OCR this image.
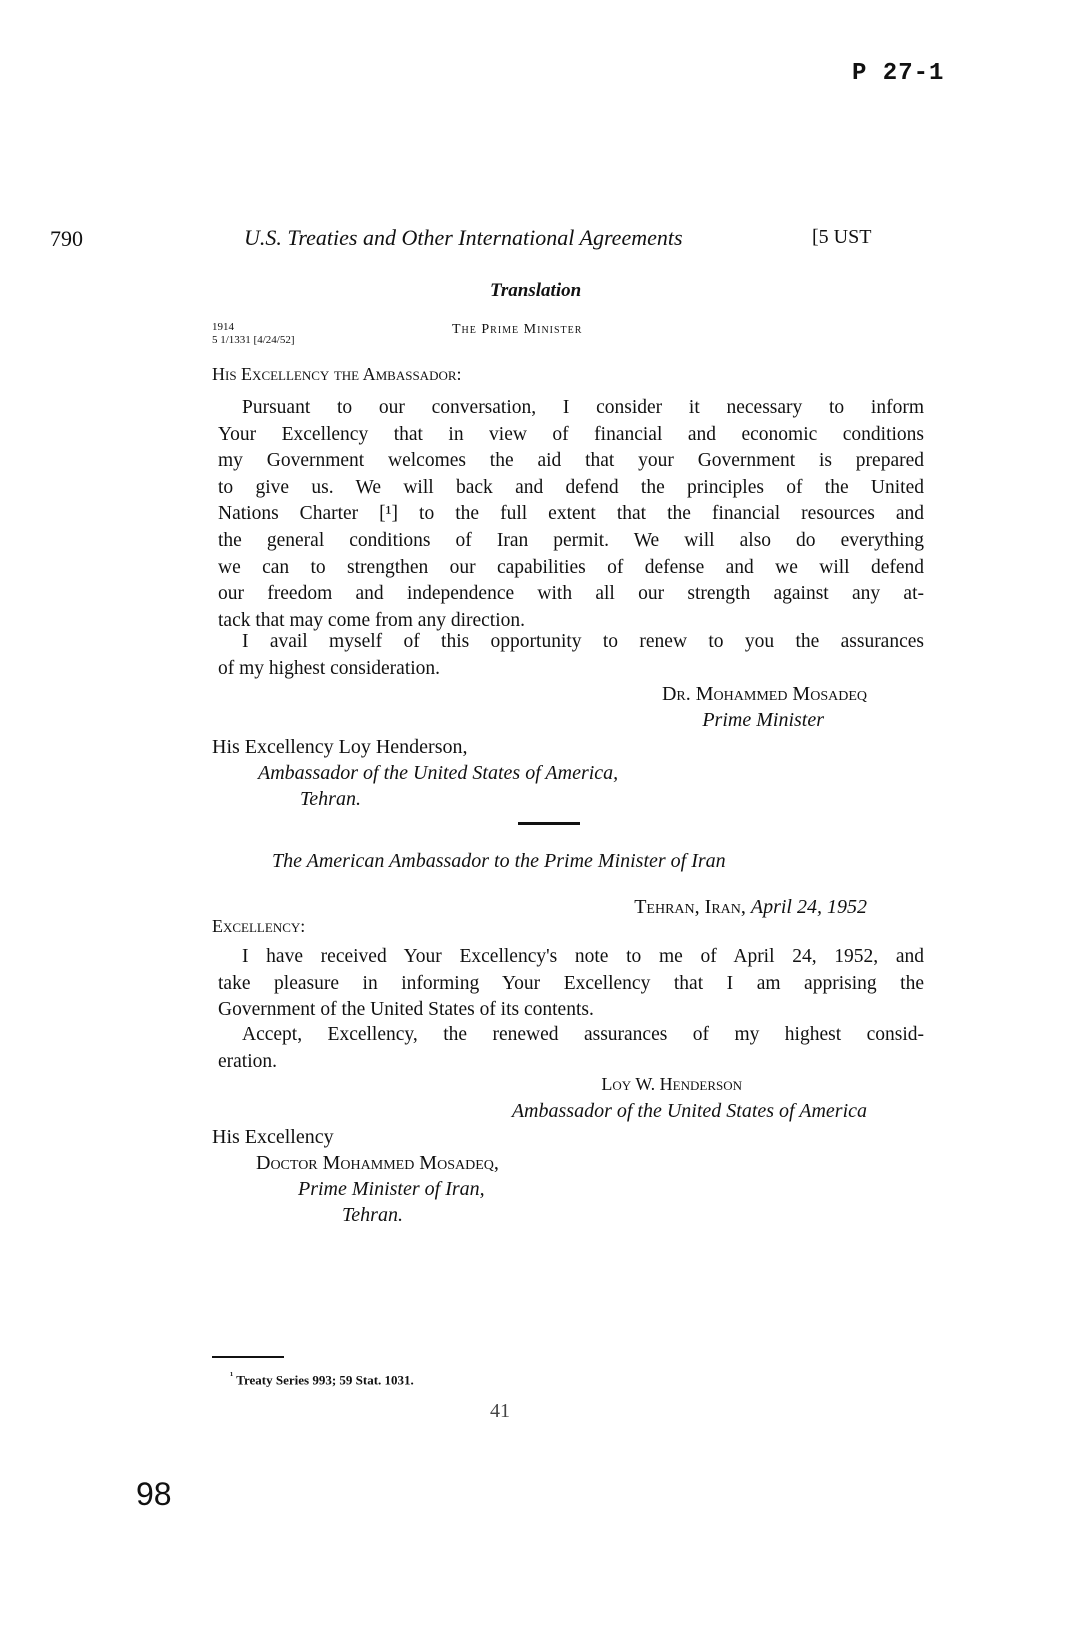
P 27-1
790	U.S. Treaties and Other International Agreements	[5 UST
Translation
1914
5 1/1331 [4/24/52]
The Prime Minister
His Excellency the Ambassador:
Pursuant to our conversation, I consider it necessary to inform
Your Excellency that in view of financial and economic conditions
my Government welcomes the aid that your Government is prepared
to give us. We will back and defend the principles of the United
Nations Charter [¹] to the full extent that the financial resources and
the general conditions of Iran permit. We will also do everything
we can to strengthen our capabilities of defense and we will defend
our freedom and independence with all our strength against any at-
tack that may come from any direction.
I avail myself of this opportunity to renew to you the assurances
of my highest consideration.
Dr. Mohammed Mosadeq
Prime Minister
His Excellency Loy Henderson,
Ambassador of the United States of America,
Tehran.
The American Ambassador to the Prime Minister of Iran
Tehran, Iran, April 24, 1952
Excellency:
I have received Your Excellency's note to me of April 24, 1952, and
take pleasure in informing Your Excellency that I am apprising the
Government of the United States of its contents.
Accept, Excellency, the renewed assurances of my highest consid-
eration.
Loy W. Henderson
Ambassador of the United States of America
His Excellency
Doctor Mohammed Mosadeq,
Prime Minister of Iran,
Tehran.
$^{^1}$ Treaty Series 993; 59 Stat. 1031.
41
98
